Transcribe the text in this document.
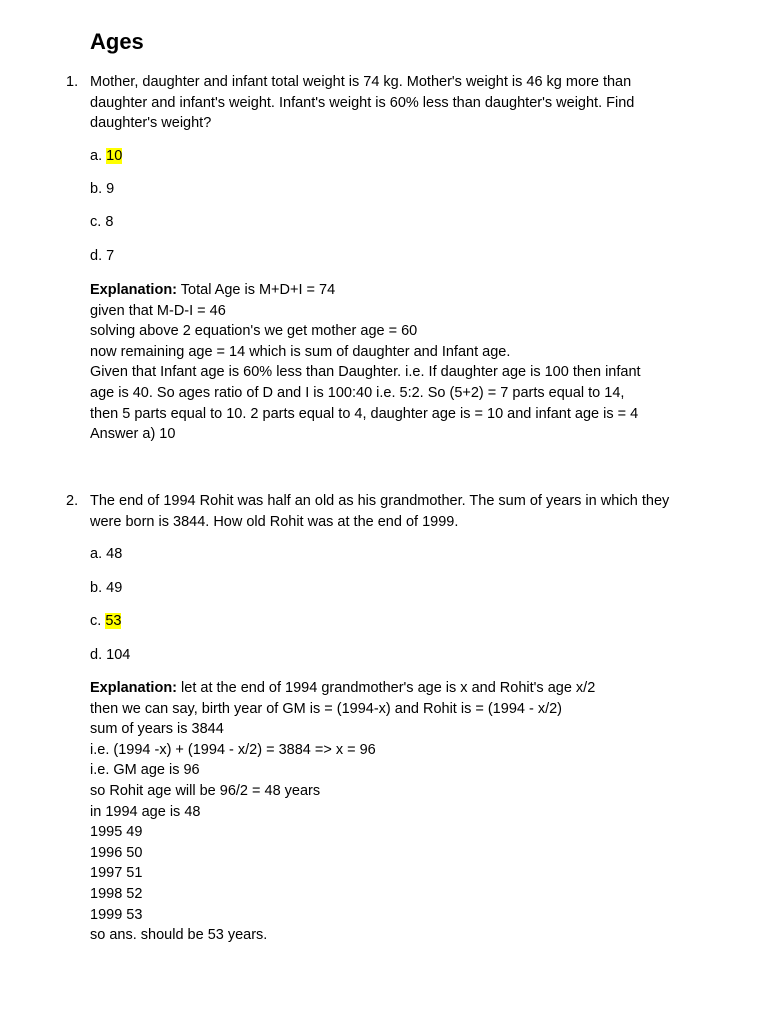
Ages
1. Mother, daughter and infant total weight is 74 kg. Mother's weight is 46 kg more than daughter and infant's weight. Infant's weight is 60% less than daughter's weight. Find daughter's weight?

a. 10
b. 9
c. 8
d. 7
Explanation: Total Age is M+D+I = 74
given that M-D-I = 46
solving above 2 equation's we get mother age = 60
now remaining age = 14 which is sum of daughter and Infant age.
Given that Infant age is 60% less than Daughter. i.e. If daughter age is 100 then infant
age is 40. So ages ratio of D and I is 100:40 i.e. 5:2. So (5+2) = 7 parts equal to 14,
then 5 parts equal to 10. 2 parts equal to 4, daughter age is = 10 and infant age is = 4
Answer a) 10
2. The end of 1994 Rohit was half an old as his grandmother. The sum of years in which they were born is 3844. How old Rohit was at the end of 1999.

a. 48
b. 49
c. 53
d. 104
Explanation: let at the end of 1994 grandmother's age is x and Rohit's age x/2
then we can say, birth year of GM is = (1994-x) and Rohit is = (1994 - x/2)
sum of years is 3844
i.e. (1994 -x) + (1994 - x/2) = 3884 => x = 96
i.e. GM age is 96
so Rohit age will be 96/2 = 48 years
in 1994 age is 48
1995 49
1996 50
1997 51
1998 52
1999 53
so ans. should be 53 years.
